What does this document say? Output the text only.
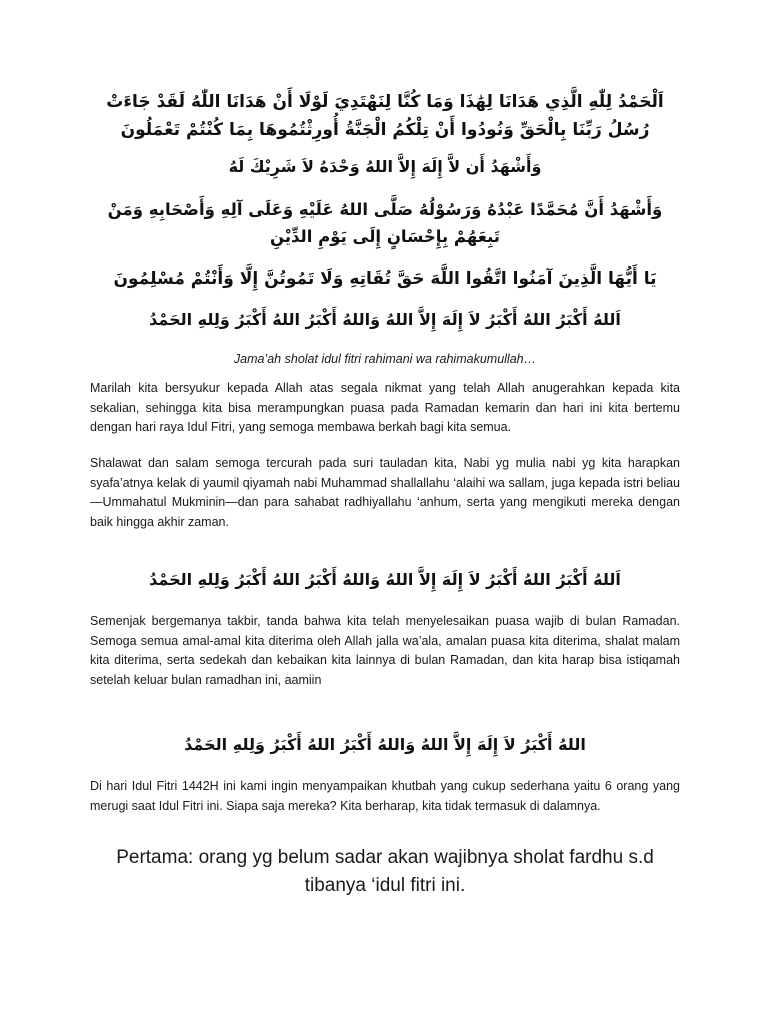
اَلْحَمْدُ لِلّٰهِ الَّذِي هَدَانَا لِهَٰذَا وَمَا كُنَّا لِنَهْتَدِيَ لَوْلَا أَنْ هَدَانَا اللّٰهُ لَقَدْ جَاءَتْ رُسُلُ رَبِّنَا بِالْحَقِّ وَنُودُوا أَنْ تِلْكُمُ الْجَنَّةُ أُورِثْتُمُوهَا بِمَا كُنْتُمْ تَعْمَلُونَ

وَأَشْهَدُ أَن لاَّ إِلَهَ إِلاَّ اللهُ وَحْدَهُ لاَ شَرِيْكَ لَهُ

وَأَشْهَدُ أَنَّ مُحَمَّدًا عَبْدُهُ وَرَسُوْلُهُ صَلَّى اللهُ عَلَيْهِ وَعَلَى آلِهِ وَأَصْحَابِهِ وَمَنْ تَبِعَهُمْ بِإِحْسَانٍ إِلَى يَوْمِ الدِّيْنِ

يَا أَيُّهَا الَّذِينَ آمَنُوا اتَّقُوا اللَّهَ حَقَّ تُقَاتِهِ وَلَا تَمُوتُنَّ إِلَّا وَأَنْتُمْ مُسْلِمُونَ

اَللهُ أَكْبَرُ اللهُ أَكْبَرُ لاَ إِلَهَ إِلاَّ اللهُ وَاللهُ أَكْبَرُ اللهُ أَكْبَرُ وَلِلهِ الحَمْدُ

Jama’ah sholat idul fitri rahimani wa rahimakumullah…

Marilah kita bersyukur kepada Allah atas segala nikmat yang telah Allah anugerahkan kepada kita sekalian, sehingga kita bisa merampungkan puasa pada Ramadan kemarin dan hari ini kita bertemu dengan hari raya Idul Fitri, yang semoga membawa berkah bagi kita semua.

Shalawat dan salam semoga tercurah pada suri tauladan kita, Nabi yg mulia nabi yg kita harapkan syafa’atnya kelak di yaumil qiyamah nabi Muhammad shallallahu ‘alaihi wa sallam, juga kepada istri beliau—Ummahatul Mukminin—dan para sahabat radhiyallahu ‘anhum, serta yang mengikuti mereka dengan baik hingga akhir zaman.

اَللهُ أَكْبَرُ اللهُ أَكْبَرُ لاَ إِلَهَ إِلاَّ اللهُ وَاللهُ أَكْبَرُ اللهُ أَكْبَرُ وَلِلهِ الحَمْدُ

Semenjak bergemanya takbir, tanda bahwa kita telah menyelesaikan puasa wajib di bulan Ramadan. Semoga semua amal-amal kita diterima oleh Allah jalla wa’ala, amalan puasa kita diterima, shalat malam kita diterima, serta sedekah dan kebaikan kita lainnya di bulan Ramadan, dan kita harap bisa istiqamah setelah keluar bulan ramadhan ini, aamiin

اللهُ أَكْبَرُ لاَ إِلَهَ إِلاَّ اللهُ وَاللهُ أَكْبَرُ اللهُ أَكْبَرُ وَلِلهِ الحَمْدُ

Di hari Idul Fitri 1442H ini kami ingin menyampaikan khutbah yang cukup sederhana yaitu 6 orang yang merugi saat Idul Fitri ini. Siapa saja mereka? Kita berharap, kita tidak termasuk di dalamnya.

Pertama: orang yg belum sadar akan wajibnya sholat fardhu s.d tibanya ‘idul fitri ini.
